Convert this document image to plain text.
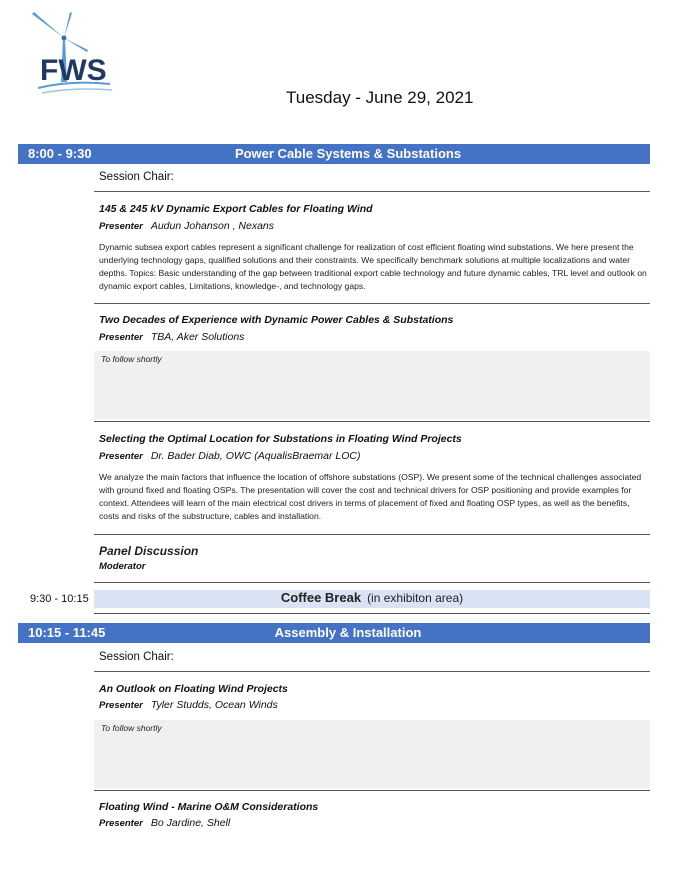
FWS
Tuesday - June 29, 2021
8:00 - 9:30	Power Cable Systems & Substations
Session Chair:
145 & 245 kV Dynamic Export Cables for Floating Wind
Presenter Audun Johanson , Nexans

Dynamic subsea export cables represent a significant challenge for realization of cost efficient floating wind substations. We here present the underlying technology gaps, qualified solutions and their constraints. We specifically benchmark solutions at multiple localizations and water depths. Topics: Basic understanding of the gap between traditional export cable technology and future dynamic cables, TRL level and outlook on dynamic export cables, Limitations, knowledge-, and technology gaps.

Two Decades of Experience with Dynamic Power Cables & Substations
Presenter TBA, Aker Solutions
To follow shortly
Selecting the Optimal Location for Substations in Floating Wind Projects
Presenter Dr. Bader Diab, OWC (AqualisBraemar LOC)

We analyze the main factors that influence the location of offshore substations (OSP). We present some of the technical challenges associated with ground fixed and floating OSPs. The presentation will cover the cost and technical drivers for OSP positioning and provide examples for context. Attendees will learn of the main electrical cost drivers in terms of placement of fixed and floating OSP types, as well as the benefits, costs and risks of the substructure, cables and installation.

Panel Discussion
Moderator
9:30 - 10:15	Coffee Break (in exhibiton area)
10:15 - 11:45	Assembly & Installation
Session Chair:
An Outlook on Floating Wind Projects
Presenter Tyler Studds, Ocean Winds
To follow shortly
Floating Wind - Marine O&M Considerations
Presenter Bo Jardine, Shell
